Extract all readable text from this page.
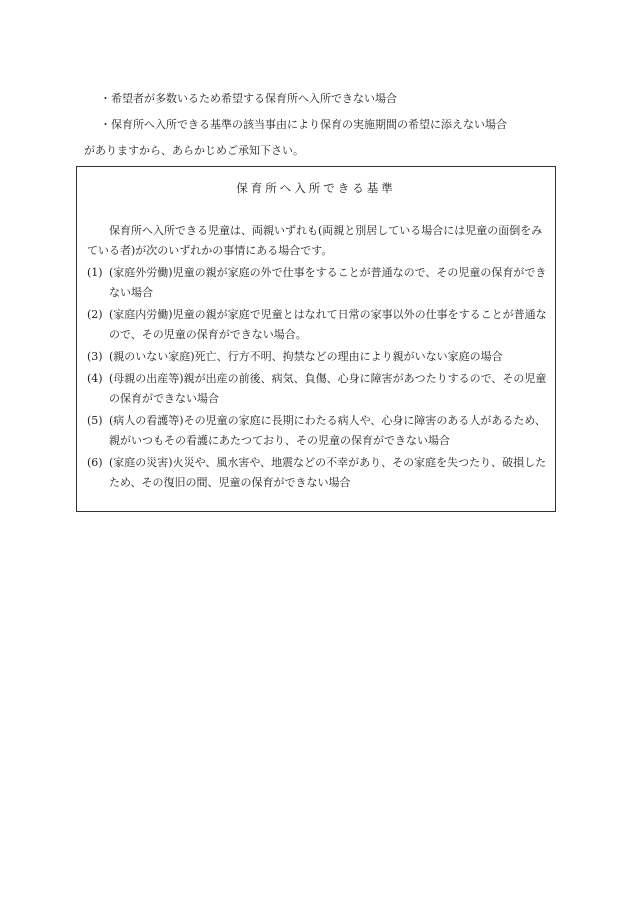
・希望者が多数いるため希望する保育所へ入所できない場合
・保育所へ入所できる基準の該当事由により保育の実施期間の希望に添えない場合
がありますから、あらかじめご承知下さい。
保育所へ入所できる基準
保育所へ入所できる児童は、両親いずれも(両親と別居している場合には児童の面倒をみている者)が次のいずれかの事情にある場合です。
(1) (家庭外労働)児童の親が家庭の外で仕事をすることが普通なので、その児童の保育ができない場合
(2) (家庭内労働)児童の親が家庭で児童とはなれて日常の家事以外の仕事をすることが普通なので、その児童の保育ができない場合。
(3) (親のいない家庭)死亡、行方不明、拘禁などの理由により親がいない家庭の場合
(4) (母親の出産等)親が出産の前後、病気、負傷、心身に障害があつたりするので、その児童の保育ができない場合
(5) (病人の看護等)その児童の家庭に長期にわたる病人や、心身に障害のある人があるため、親がいつもその看護にあたつており、その児童の保育ができない場合
(6) (家庭の災害)火災や、風水害や、地震などの不幸があり、その家庭を失つたり、破損したため、その復旧の間、児童の保育ができない場合
